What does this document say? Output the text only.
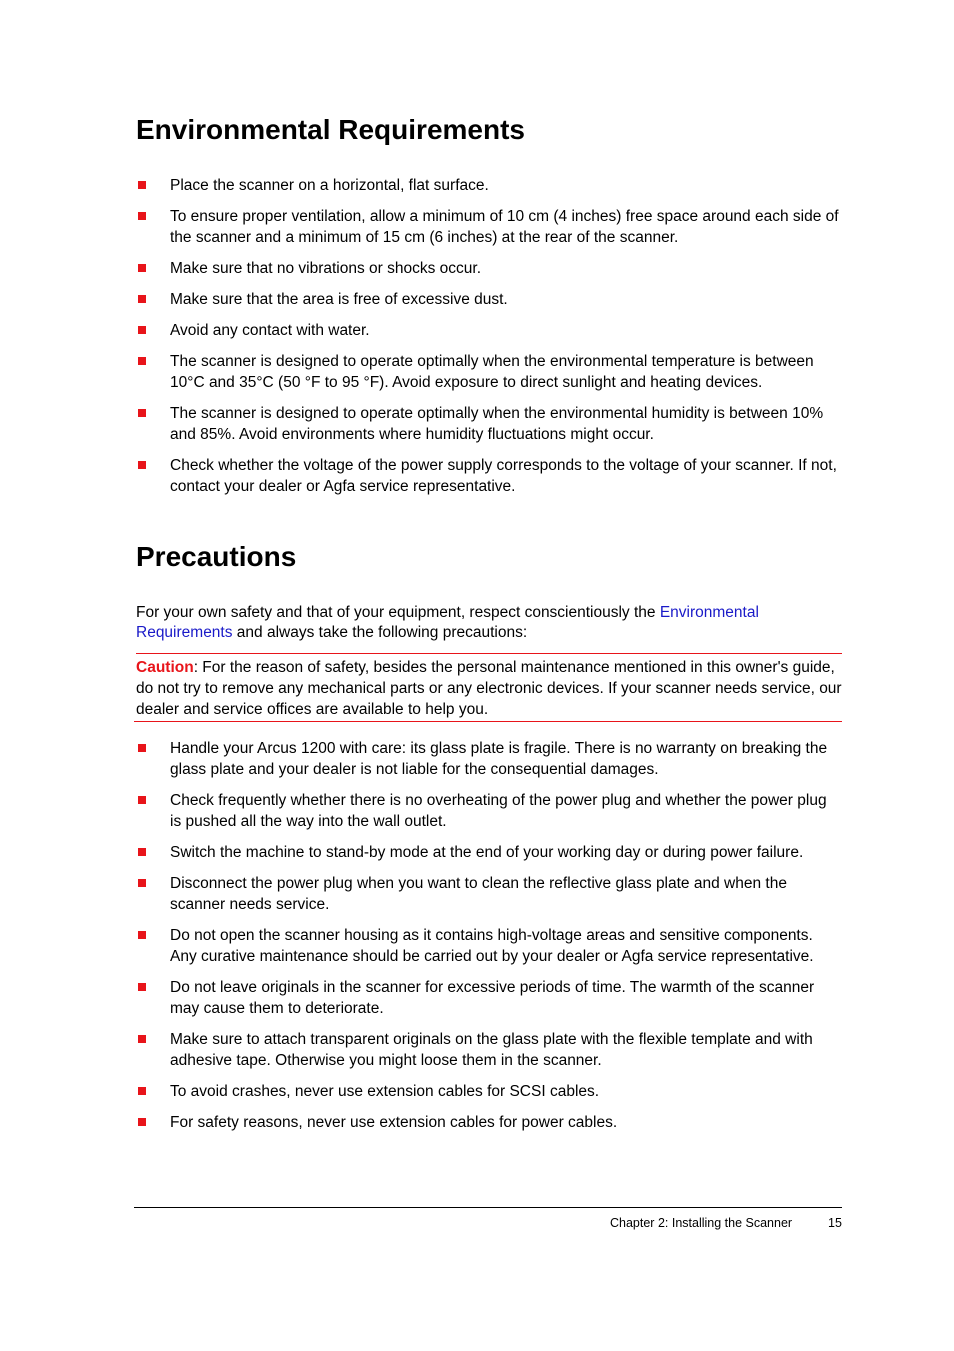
Environmental Requirements
Place the scanner on a horizontal, flat surface.
To ensure proper ventilation, allow a minimum of 10 cm (4 inches) free space around each side of the scanner and a minimum of 15 cm (6 inches) at the rear of the scanner.
Make sure that no vibrations or shocks occur.
Make sure that the area is free of excessive dust.
Avoid any contact with water.
The scanner is designed to operate optimally when the environmental temperature is between 10°C and 35°C (50 °F to 95 °F). Avoid exposure to direct sunlight and heating devices.
The scanner is designed to operate optimally when the environmental humidity is between 10% and 85%. Avoid environments where humidity fluctuations might occur.
Check whether the voltage of the power supply corresponds to the voltage of your scanner. If not, contact your dealer or Agfa service representative.
Precautions

For your own safety and that of your equipment, respect conscientiously the Environmental Requirements and always take the following precautions:

Caution: For the reason of safety, besides the personal maintenance mentioned in this owner's guide, do not try to remove any mechanical parts or any electronic devices. If your scanner needs service, our dealer and service offices are available to help you.

Handle your Arcus 1200 with care: its glass plate is fragile. There is no warranty on breaking the glass plate and your dealer is not liable for the consequential damages.
Check frequently whether there is no overheating of the power plug and whether the power plug is pushed all the way into the wall outlet.
Switch the machine to stand-by mode at the end of your working day or during power failure.
Disconnect the power plug when you want to clean the reflective glass plate and when the scanner needs service.
Do not open the scanner housing as it contains high-voltage areas and sensitive components. Any curative maintenance should be carried out by your dealer or Agfa service representative.
Do not leave originals in the scanner for excessive periods of time. The warmth of the scanner may cause them to deteriorate.
Make sure to attach transparent originals on the glass plate with the flexible template and with adhesive tape. Otherwise you might loose them in the scanner.
To avoid crashes, never use extension cables for SCSI cables.
For safety reasons, never use extension cables for power cables.
Chapter 2: Installing the Scanner	15
